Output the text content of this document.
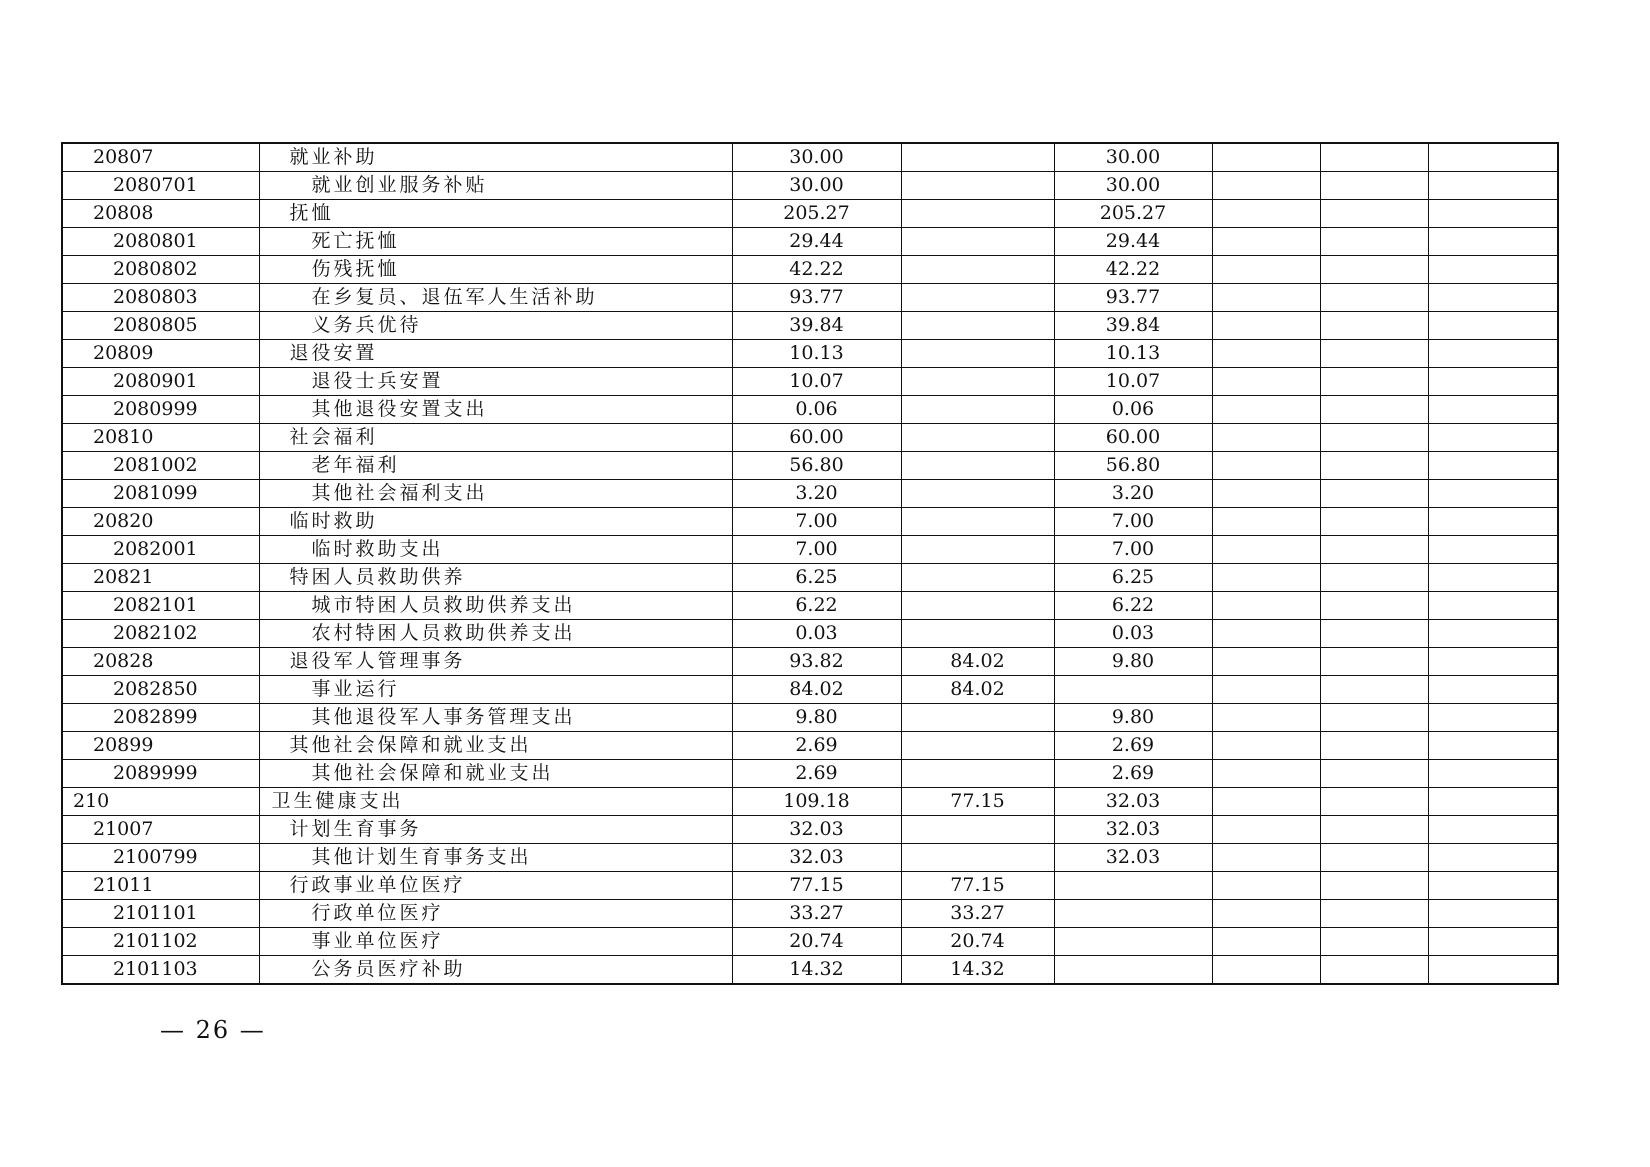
20807	就业补助	30.00		30.00			
2080701	就业创业服务补贴	30.00		30.00			
20808	抚恤	205.27		205.27			
2080801	死亡抚恤	29.44		29.44			
2080802	伤残抚恤	42.22		42.22			
2080803	在乡复员、退伍军人生活补助	93.77		93.77			
2080805	义务兵优待	39.84		39.84			
20809	退役安置	10.13		10.13			
2080901	退役士兵安置	10.07		10.07			
2080999	其他退役安置支出	0.06		0.06			
20810	社会福利	60.00		60.00			
2081002	老年福利	56.80		56.80			
2081099	其他社会福利支出	3.20		3.20			
20820	临时救助	7.00		7.00			
2082001	临时救助支出	7.00		7.00			
20821	特困人员救助供养	6.25		6.25			
2082101	城市特困人员救助供养支出	6.22		6.22			
2082102	农村特困人员救助供养支出	0.03		0.03			
20828	退役军人管理事务	93.82	84.02	9.80			
2082850	事业运行	84.02	84.02				
2082899	其他退役军人事务管理支出	9.80		9.80			
20899	其他社会保障和就业支出	2.69		2.69			
2089999	其他社会保障和就业支出	2.69		2.69			
210	卫生健康支出	109.18	77.15	32.03			
21007	计划生育事务	32.03		32.03			
2100799	其他计划生育事务支出	32.03		32.03			
21011	行政事业单位医疗	77.15	77.15				
2101101	行政单位医疗	33.27	33.27				
2101102	事业单位医疗	20.74	20.74				
2101103	公务员医疗补助	14.32	14.32				
— 26 —
